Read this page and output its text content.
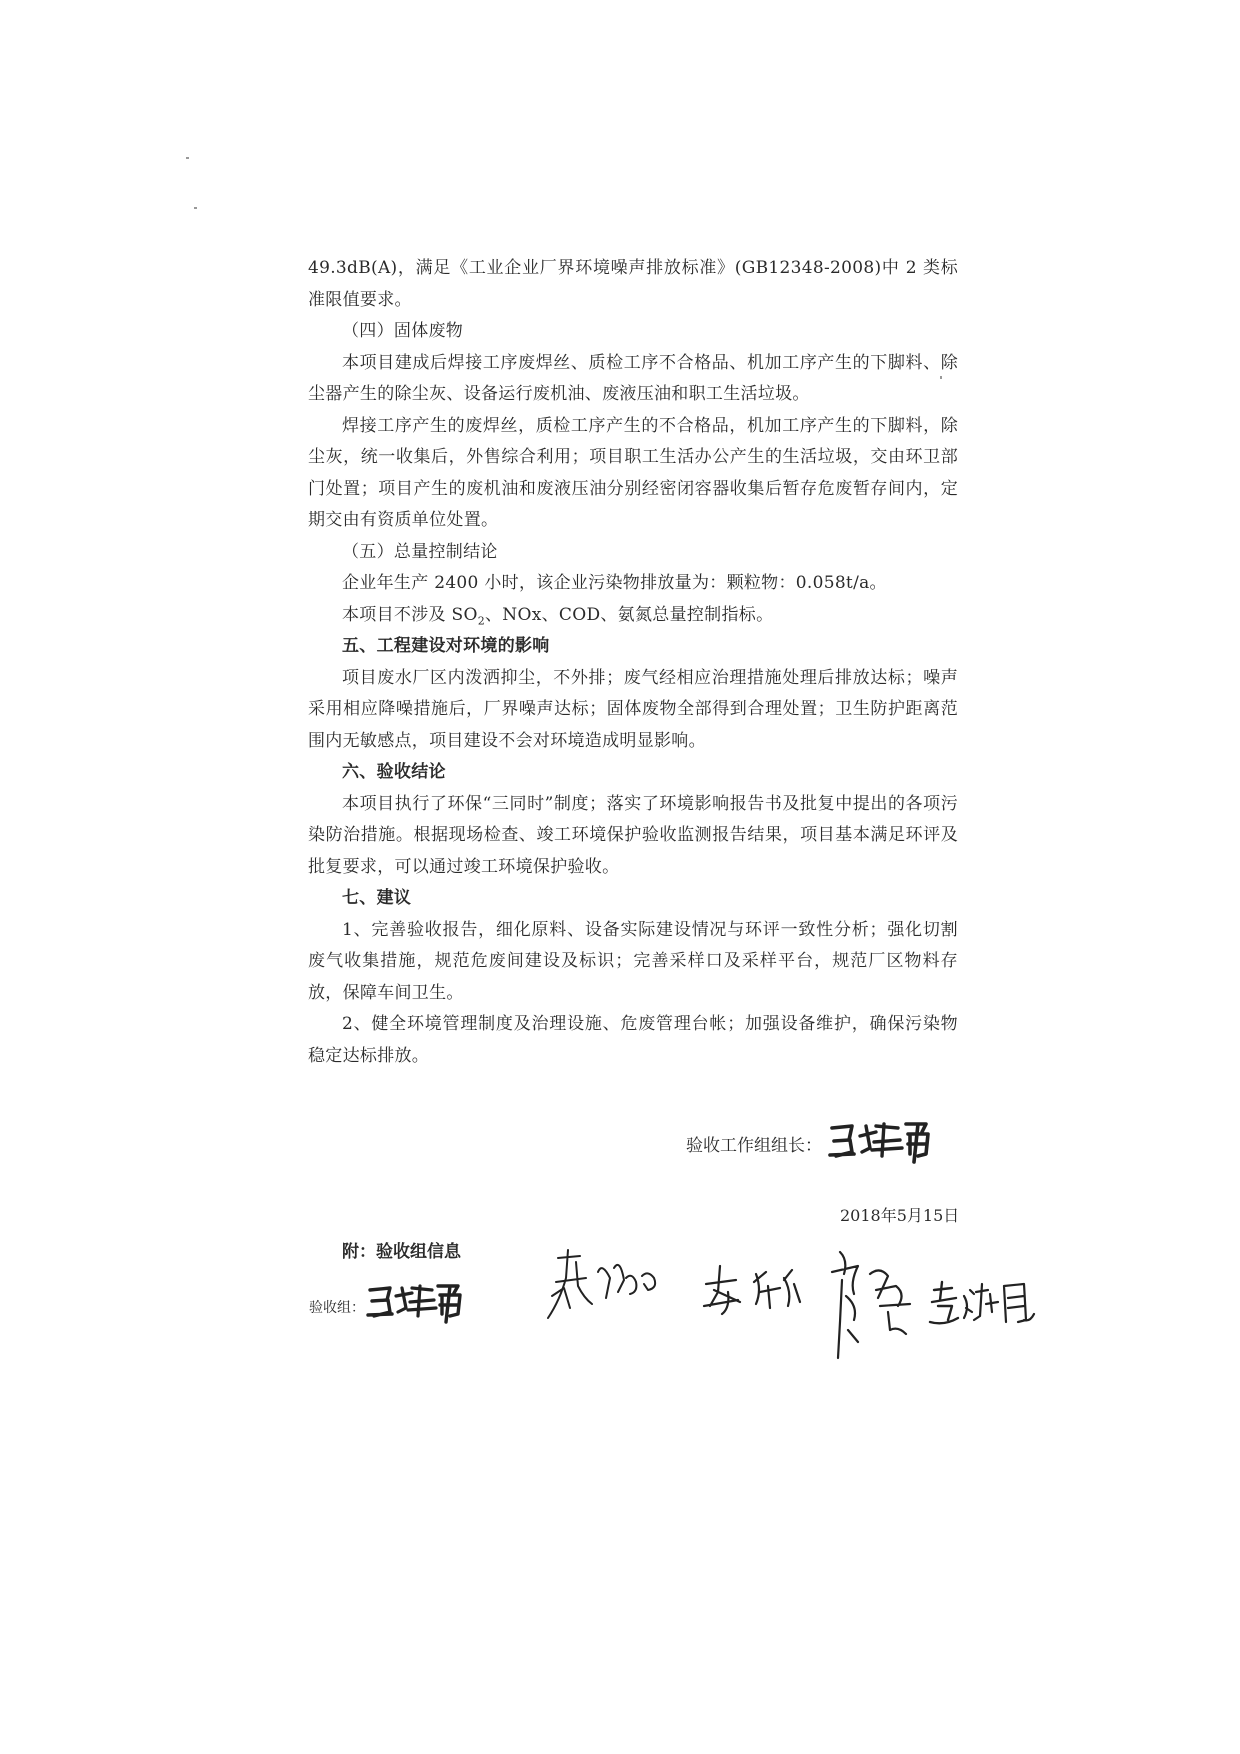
49.3dB(A)，满足《工业企业厂界环境噪声排放标准》(GB12348-2008)中 2 类标准限值要求。

（四）固体废物

本项目建成后焊接工序废焊丝、质检工序不合格品、机加工序产生的下脚料、除尘器产生的除尘灰、设备运行废机油、废液压油和职工生活垃圾。

焊接工序产生的废焊丝，质检工序产生的不合格品，机加工序产生的下脚料，除尘灰，统一收集后，外售综合利用；项目职工生活办公产生的生活垃圾，交由环卫部门处置；项目产生的废机油和废液压油分别经密闭容器收集后暂存危废暂存间内，定期交由有资质单位处置。

（五）总量控制结论

企业年生产 2400 小时，该企业污染物排放量为：颗粒物：0.058t/a。

本项目不涉及 $SO_2$、NOx、COD、氨氮总量控制指标。

五、工程建设对环境的影响

项目废水厂区内泼洒抑尘，不外排；废气经相应治理措施处理后排放达标；噪声采用相应降噪措施后，厂界噪声达标；固体废物全部得到合理处置；卫生防护距离范围内无敏感点，项目建设不会对环境造成明显影响。

六、验收结论

本项目执行了环保“三同时”制度；落实了环境影响报告书及批复中提出的各项污染防治措施。根据现场检查、竣工环境保护验收监测报告结果，项目基本满足环评及批复要求，可以通过竣工环境保护验收。

七、建议

1、完善验收报告，细化原料、设备实际建设情况与环评一致性分析；强化切割废气收集措施，规范危废间建设及标识；完善采样口及采样平台，规范厂区物料存放，保障车间卫生。

2、健全环境管理制度及治理设施、危废管理台帐；加强设备维护，确保污染物稳定达标排放。

验收工作组组长：
2018年5月15日
附：验收组信息
验收组：
